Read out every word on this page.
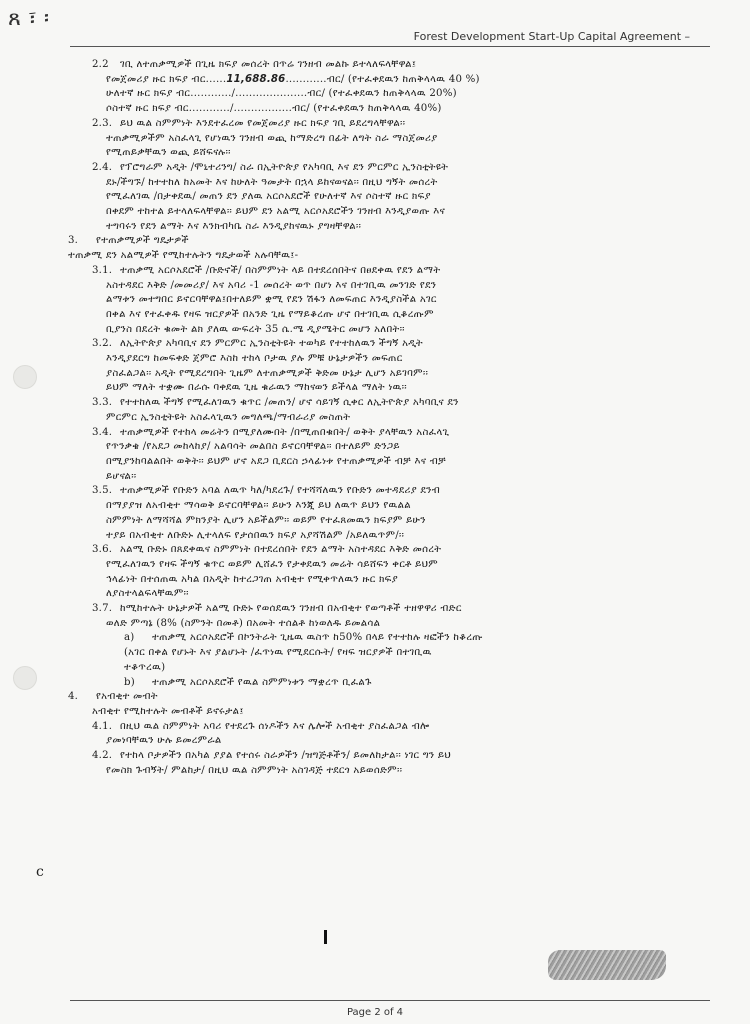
ጸ ፣ ፡
Forest Development Start-Up Capital Agreement –
2.2 ገቢ ለተጠቃሚዎች በጊዜ ክፍያ መሰረት በጥሬ ገንዘብ መልኩ ይተላለፍላቸዋል፤
የመጀመሪያ ዙር ክፍያ ብር......11,688.86............ብር/ (የተፈቀደዉን ከጠቅላላዉ 40 %)
ሁለተኛ ዙር ክፍያ ብር............/.....................ብር/ (የተፈቀደዉን ከጠቅላላዉ 20%)
ሶስተኛ ዙር ክፍያ ብር............/.................ብር/ (የተፈቀደዉን ከጠቅላላዉ 40%)
2.3. ይህ ዉል ስምምነት እንደተፈረመ የመጀመሪያ ዙር ክፍያ ገቢ ይደረግላቸዋል፡፡
ተጠቃሚዎችም አስፈላጊ የሆነዉን ገንዘብ ወጪ ከማድረግ በፊት ለግት ስራ ማስጀመሪያ
የሚጠይቃቸዉን ወጪ ይሸፍናሉ፡፡
2.4. የፕሮግራም አዲት /ሞኒተሪንግ/ ስራ በኢትዮጵያ የአካባቢ እና ደን ምርምር ኢንስቲትዩት
ደኑ/ችግኙ/ ከተተከለ ከአመት እና ከሁለት ዓመታት በኋላ ይከናወናል፡፡ በዚህ ግኝት መሰረት
የሚፈለገዉ /በታቀደዉ/ መጠን ደን ያለዉ አርሶአደሮች የሁለተኛ እና ሶስተኛ ዙር ክፍያ
በቀደም ተከተል ይተላለፍላቸዋል፡፡ ይህም ደን አልሚ አርሶአደሮችን ገንዘብ እንዲያወጡ እና
ተግባሩን የደን ልማት እና እንክብካቤ ስራ እንዲያከናዉኑ ያግዛቸዋል፡፡
3. የተጠቃሚዎች ግዴታዎች
ተጠቃሚ ደን አልሚዎች የሚከተሉትን ግዴታወች አሉባቸዉ፤-
3.1. ተጠቃሚ አርሶአደሮች /ቡድኖች/ በስምምነት ላይ በተደረሰበትና በፀደቀዉ የደን ልማት
አስተዳደር እቅድ /መመሪያ/ እና አባሪ -1 መሰረት ወጥ በሆነ እና በተገቢዉ መንገድ የደን
ልማቱን መተግበር ይኖርባቸዋል፤በተለይም ቋሚ የደን ሽፋን ለመፍጠር እንዲያስችል አገር
በቀል እና የተፈቀዱ የዛፍ ዝርያዎች በአንድ ጊዜ የማይቆረጡ ሆኖ በተገቢዉ ሲቆረጡም
ቢያንስ በደረት ቁመት ልክ ያለዉ ውፍረት 35 ሴ.ሜ ዲያሜትር መሆን አለበት፡፡
3.2. ለኢትዮጵያ አካባቢና ደን ምርምር ኢንስቲትዩት ተወካይ የተተከለዉን ችግኝ አዲት
እንዲያደርግ ከመፍቀድ ጀምሮ እስከ ተከላ ቦታዉ ያሉ ምቹ ሁኔታዎችን መፍጠር
ያስፈልጋል፡፡ አዲት የሚደረግበት ጊዜም ለተጠቃሚዎች ቅድመ ሁኔታ ሊሆን አይገባም፡፡
ይህም ማለት ተቋሙ በራሱ ባቀደዉ ጊዜ ቁራዉን ማከናወን ይችላል ማለት ነዉ፡፡
3.3. የተተከለዉ ችግኝ የሚፈለገዉን ቁጥር /መጠን/ ሆኖ ሳይገኝ ሲቀር ለኢትዮጵያ አካባቢና ደን
ምርምር ኢንስቲትዩት አስፈላጊዉን መግለጫ/ማብራሪያ መስጠት
3.4. ተጠቃሚዎች የተከላ መሬትን በሚያለሙበት /በሚጠበቁበት/ ወቅት ያላቸዉን አስፈላጊ
የጥንቃቄ /የአደጋ መከላከያ/ አልባሳት መልበስ ይኖርባቸዋል፡፡ በተለይም ድንጋይ
በሚያንከባልልበት ወቅት፡፡ ይህም ሆኖ አደጋ ቢደርስ ኃላፊነቱ የተጠቃሚዎች ብቻ እና ብቻ
ይሆናል፡፡
3.5. ተጠቃሚዎች የቡድን አባል ለዉጥ ካለ/ካደረጉ/ የተሻሻለዉን የቡድን መተዳደሪያ ደንብ
በማያያዝ ለአብቂተ ማሳወቅ ይኖርባቸዋል፡፡ ይሁን እንጂ ይህ ለዉጥ ይህን የዉልል
ስምምነት ለማሻሻል ምክንያት ሊሆን አይችልም፡፡ ወይም የተፈጸመዉን ክፍያም ይሁን
ተያይ በአብቂተ ለቡድኑ ሊተላለፍ የታሰበዉን ክፍያ አያሻሽልም /አይለዉጥም/፡፡
3.6. አልሚ ቡድኑ በጸደቀዉና ስምምነት በተደረሰበት የደን ልማት አስተዳደር እቅድ መሰረት
የሚፈለገዉን የዛፍ ችግኝ ቁጥር ወይም ሊሸፈን የታቀደዉን መሬት ሳይሸፍን ቀርቶ ይህም
ኅላፊነት በተሰጠዉ አካል በአዲት ከተረጋገጠ አብቂተ የሚቀጥለዉን ዙር ክፍያ
ለያስተላልፍላቸዉም፡፡
3.7. ከሚከተሉት ሁኔታዎች አልሚ ቡድኑ የወሰደዉን ገንዘብ በአብቂተ የወጣቶች ተዘዋዋሪ ብድር
ወለድ ምጣኔ (8% (ስምንት በመቶ) በአመት ተሰልቶ ከነወለዱ ይመልሳል
a) ተጠቃሚ አርሶአደሮች በኮንትራት ጊዜዉ ዉስጥ ከ50% በላይ የተተከሉ ዛፎችን ከቆረጡ
(አገር በቀል የሆኑት እና ያልሆኑት /ፈጥነዉ የሚደርሱት/ የዛፍ ዝርያዎች በተገቢዉ
ተቆጥረዉ)
b) ተጠቃሚ አርሶአደሮች የዉል ስምምነቱን ማቋረጥ ቢፈልጉ
4. የአብቂተ መብት
አብቂተ የሚከተሉት መብቶች ይኖሩታል፤
4.1. በዚህ ዉል ስምምነት አባሪ የተደረጉ ሰነዶችን እና ሌሎች አብቂተ ያስፈልጋል ብሎ
ያመነባቸዉን ሁሉ ይመረምራል
4.2. የተከላ ቦታዎችን በአካል ያያል የተሰሩ ስራዎችን /ዝግጅቶችን/ ይመለከታል፡፡ ነገር ግን ይህ
የመስክ ጉብኝት/ ምልከታ/ በዚህ ዉል ስምምነት አስገዳጅ ተደርጎ አይወሰድም፡፡
c
Page 2 of 4
